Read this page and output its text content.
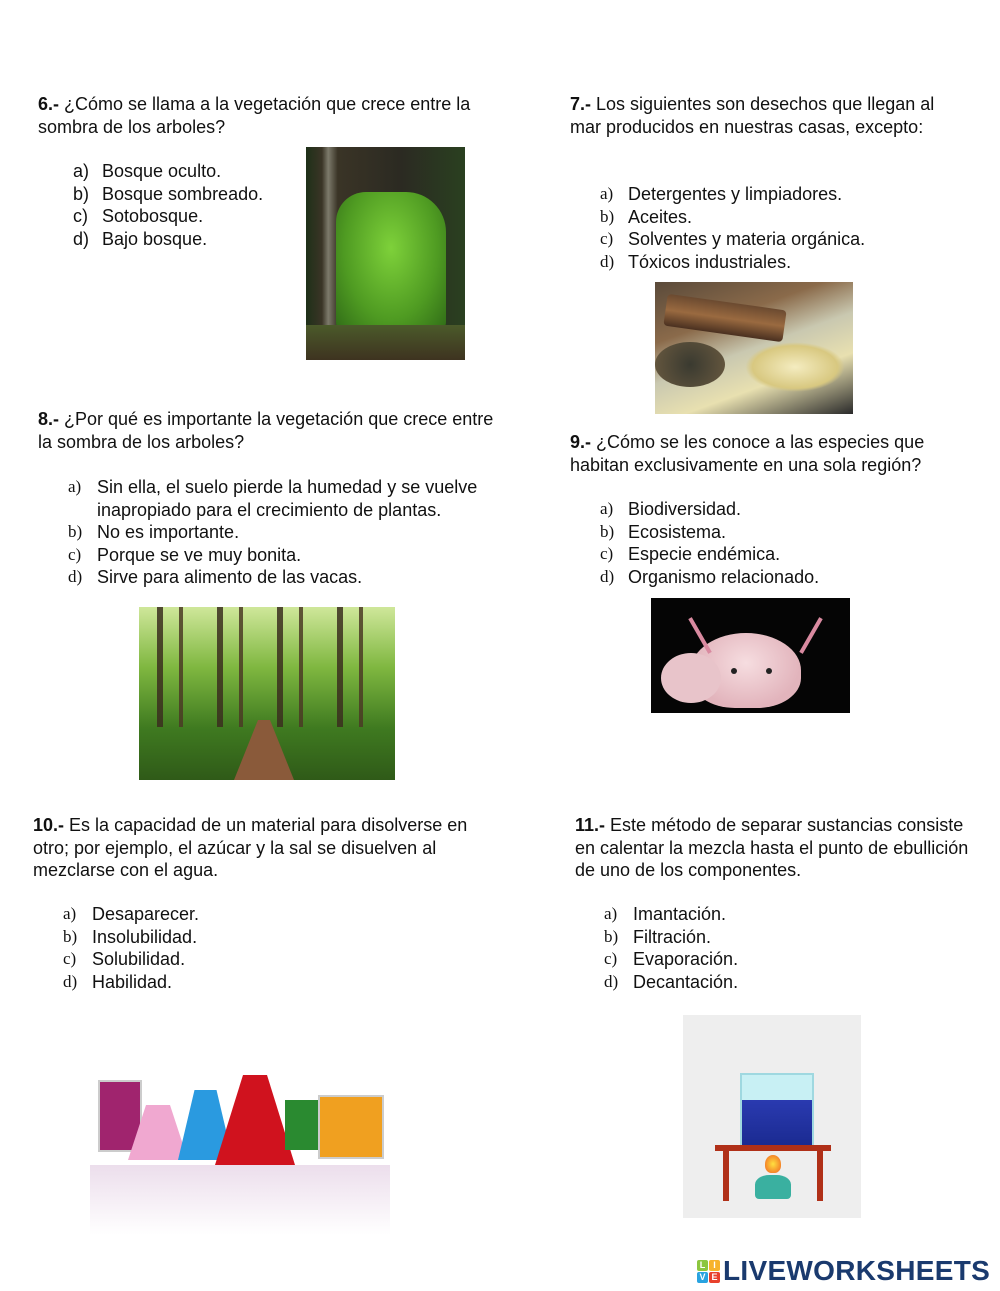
6.- ¿Cómo se llama a la vegetación que crece entre la sombra de los arboles?
a) Bosque oculto.
b) Bosque sombreado.
c) Sotobosque.
d) Bajo bosque.
7.- Los siguientes son desechos que llegan al mar producidos en nuestras casas, excepto:
a) Detergentes y limpiadores.
b) Aceites.
c) Solventes y materia orgánica.
d) Tóxicos industriales.
8.- ¿Por qué es importante la vegetación que crece entre la sombra de los arboles?
a) Sin ella, el suelo pierde la humedad y se vuelve
inapropiado para el crecimiento de plantas.
b) No es importante.
c) Porque se ve muy bonita.
d) Sirve para alimento de las vacas.
9.- ¿Cómo se les conoce a las especies que habitan exclusivamente en una sola región?
a) Biodiversidad.
b) Ecosistema.
c) Especie endémica.
d) Organismo relacionado.
10.- Es la capacidad de un material para disolverse en otro; por ejemplo, el azúcar y la sal se disuelven al mezclarse con el agua.
a) Desaparecer.
b) Insolubilidad.
c) Solubilidad.
d) Habilidad.
11.- Este método de separar sustancias consiste en calentar la mezcla hasta el punto de ebullición de uno de los componentes.
a) Imantación.
b) Filtración.
c) Evaporación.
d) Decantación.
L I
V E LIVEWORKSHEETS
